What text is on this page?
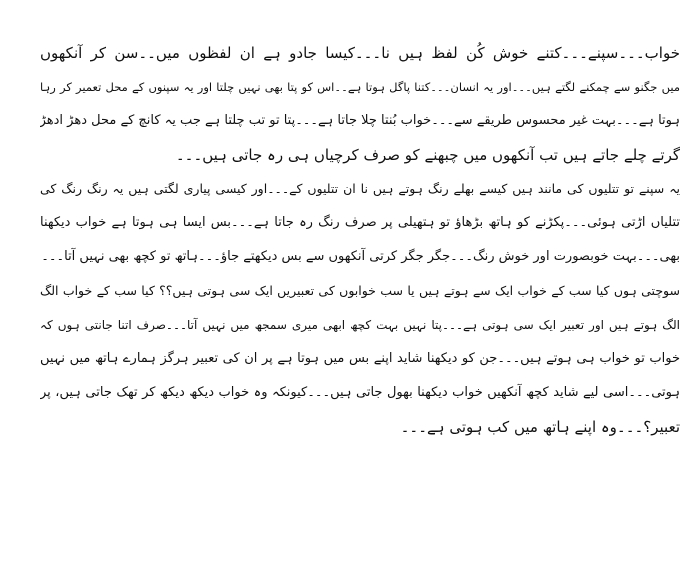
خواب۔۔۔سپنے۔۔۔کتنے خوش کُن لفظ ہیں نا۔۔۔کیسا جادو ہے ان لفظوں میں۔۔سن کر آنکھوں
میں جگنو سے چمکنے لگتے ہیں۔۔۔اور یہ انسان۔۔۔کتنا پاگل ہوتا ہے۔۔اس کو پتا بھی نہیں چلتا اور یہ سپنوں کے محل تعمیر کر رہا
ہوتا ہے۔۔۔بہت غیر محسوس طریقے سے۔۔۔خواب بُنتا چلا جاتا ہے۔۔۔پتا تو تب چلتا ہے جب یہ کانچ کے محل دھڑ ادھڑ
گرتے چلے جاتے ہیں تب آنکھوں میں چبھنے کو صرف کرچیاں ہی رہ جاتی ہیں۔۔۔
یہ سپنے تو تتلیوں کی مانند ہیں کیسے بھلے رنگ ہوتے ہیں نا ان تتلیوں کے۔۔۔اور کیسی پیاری لگتی ہیں یہ رنگ رنگ کی
تتلیاں اڑتی ہوئی۔۔۔پکڑنے کو ہاتھ بڑھاؤ تو ہتھیلی پر صرف رنگ رہ جاتا ہے۔۔۔بس ایسا ہی ہوتا ہے خواب دیکھنا
بھی۔۔۔بہت خوبصورت اور خوش رنگ۔۔۔جگر جگر کرتی آنکھوں سے بس دیکھتے جاؤ۔۔۔ہاتھ تو کچھ بھی نہیں آتا۔۔۔
سوچتی ہوں کیا سب کے خواب ایک سے ہوتے ہیں یا سب خوابوں کی تعبیریں ایک سی ہوتی ہیں؟؟ کیا سب کے خواب الگ
الگ ہوتے ہیں اور تعبیر ایک سی ہوتی ہے۔۔۔پتا نہیں بہت کچھ ابھی میری سمجھ میں نہیں آتا۔۔۔صرف اتنا جانتی ہوں کہ
خواب تو خواب ہی ہوتے ہیں۔۔۔جن کو دیکھنا شاید اپنے بس میں ہوتا ہے پر ان کی تعبیر ہرگز ہمارے ہاتھ میں نہیں
ہوتی۔۔۔اسی لیے شاید کچھ آنکھیں خواب دیکھنا بھول جاتی ہیں۔۔۔کیونکہ وہ خواب دیکھ دیکھ کر تھک جاتی ہیں، پر
تعبیر؟۔۔۔وہ اپنے ہاتھ میں کب ہوتی ہے۔۔۔
